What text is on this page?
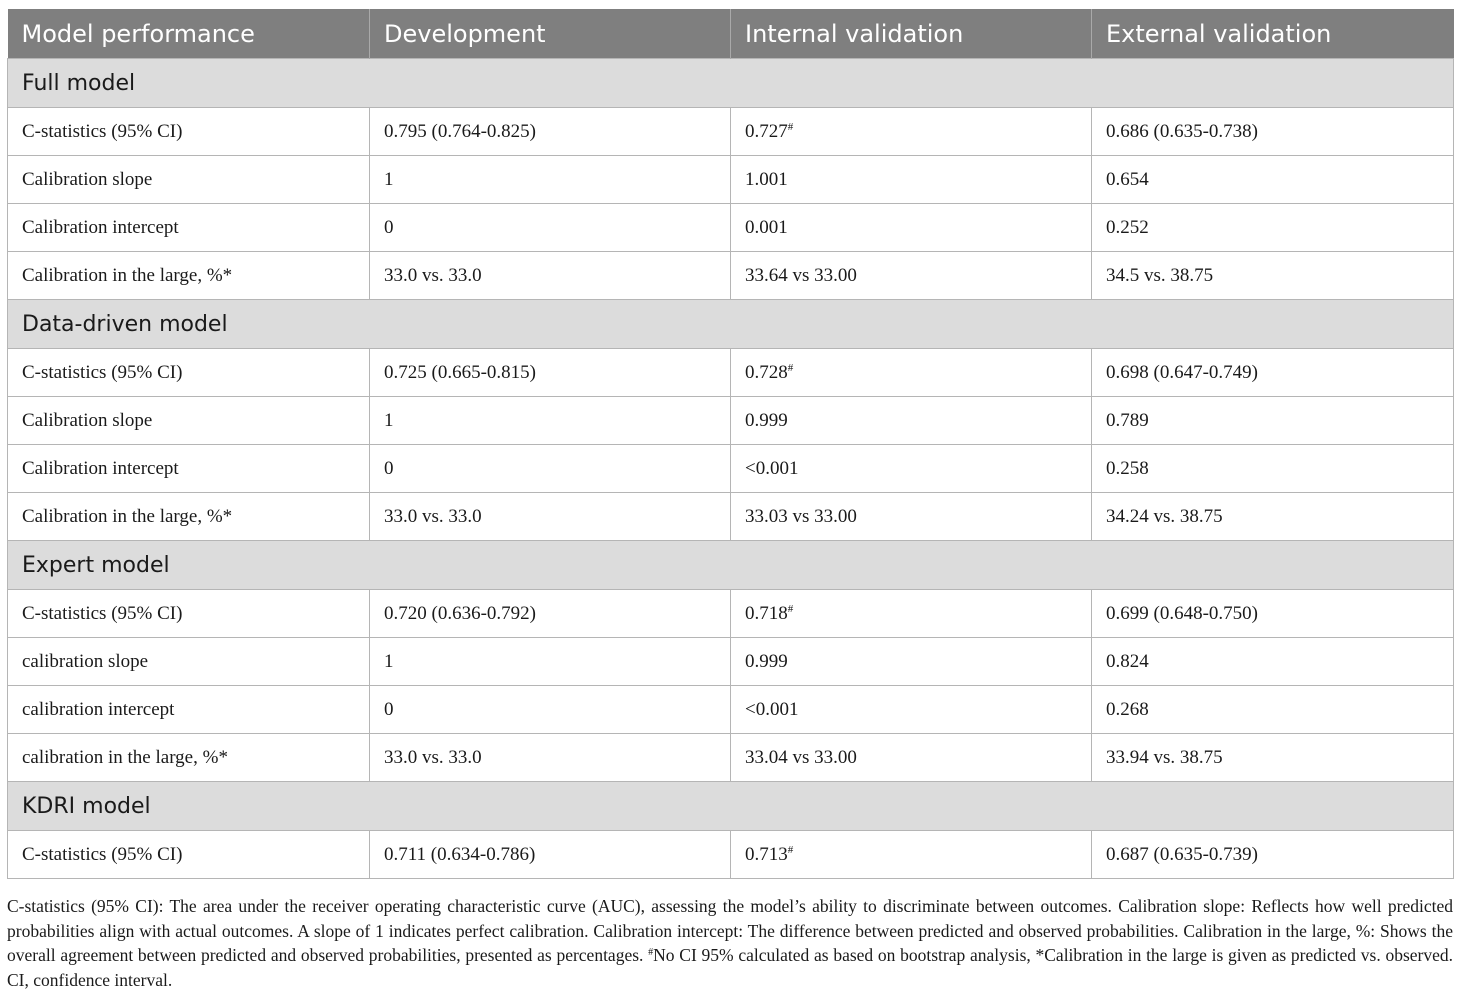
Model performance	Development	Internal validation	External validation
Full model			
C-statistics (95% CI)	0.795 (0.764-0.825)	0.727#	0.686 (0.635-0.738)
Calibration slope	1	1.001	0.654
Calibration intercept	0	0.001	0.252
Calibration in the large, %*	33.0 vs. 33.0	33.64 vs 33.00	34.5 vs. 38.75
Data-driven model			
C-statistics (95% CI)	0.725 (0.665-0.815)	0.728#	0.698 (0.647-0.749)
Calibration slope	1	0.999	0.789
Calibration intercept	0	<0.001	0.258
Calibration in the large, %*	33.0 vs. 33.0	33.03 vs 33.00	34.24 vs. 38.75
Expert model			
C-statistics (95% CI)	0.720 (0.636-0.792)	0.718#	0.699 (0.648-0.750)
calibration slope	1	0.999	0.824
calibration intercept	0	<0.001	0.268
calibration in the large, %*	33.0 vs. 33.0	33.04 vs 33.00	33.94 vs. 38.75
KDRI model			
C-statistics (95% CI)	0.711 (0.634-0.786)	0.713#	0.687 (0.635-0.739)
C-statistics (95% CI): The area under the receiver operating characteristic curve (AUC), assessing the model’s ability to discriminate between outcomes. Calibration slope: Reflects how well predicted probabilities align with actual outcomes. A slope of 1 indicates perfect calibration. Calibration intercept: The difference between predicted and observed probabilities. Calibration in the large, %: Shows the overall agreement between predicted and observed probabilities, presented as percentages. #No CI 95% calculated as based on bootstrap analysis, *Calibration in the large is given as predicted vs. observed. CI, confidence interval.
